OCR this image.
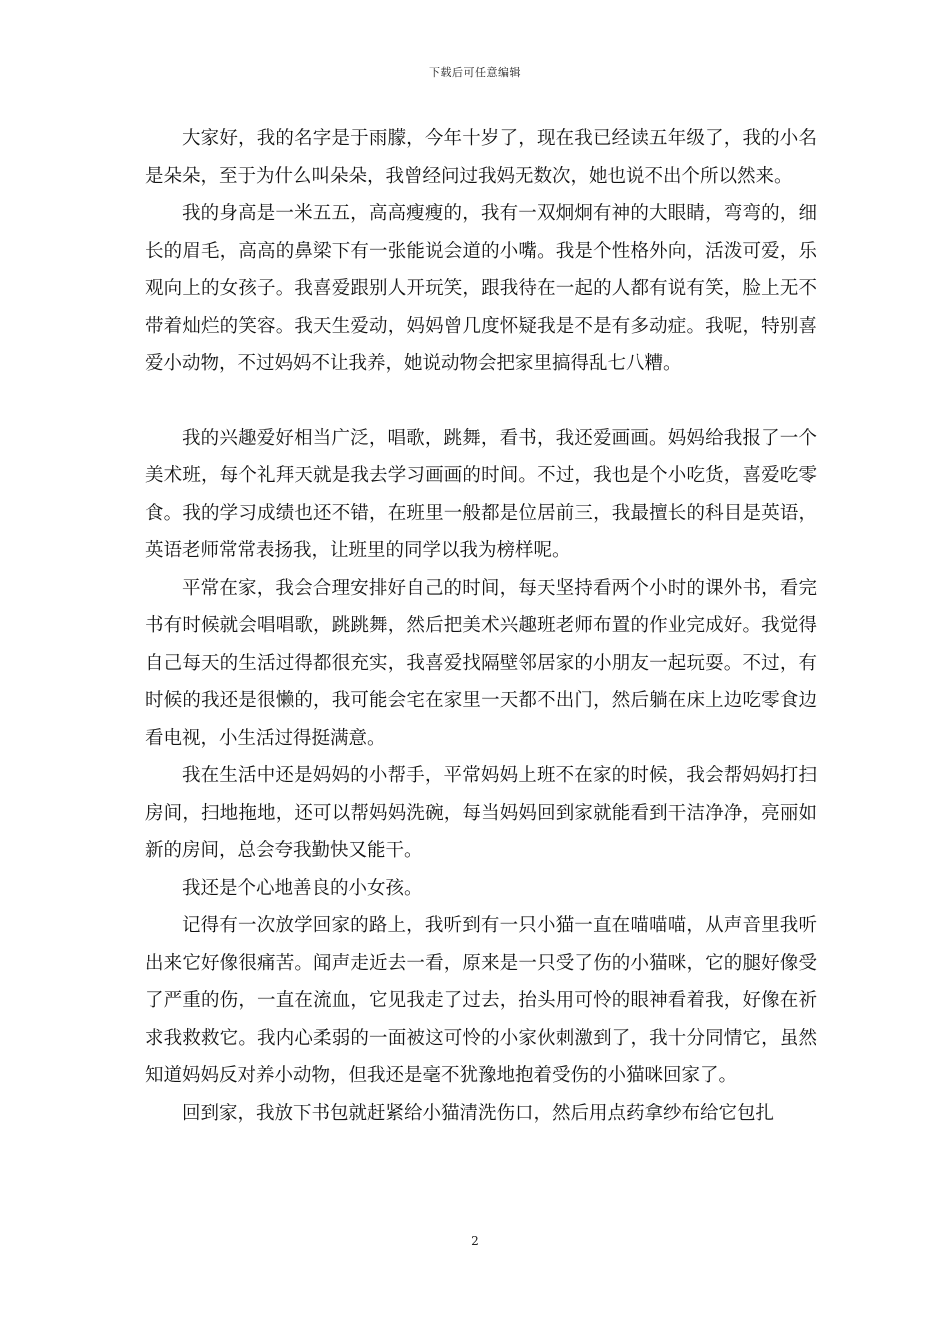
下载后可任意编辑

大家好，我的名字是于雨朦，今年十岁了，现在我已经读五年级了，我的小名是朵朵，至于为什么叫朵朵，我曾经问过我妈无数次，她也说不出个所以然来。

我的身高是一米五五，高高瘦瘦的，我有一双炯炯有神的大眼睛，弯弯的，细长的眉毛，高高的鼻梁下有一张能说会道的小嘴。我是个性格外向，活泼可爱，乐观向上的女孩子。我喜爱跟别人开玩笑，跟我待在一起的人都有说有笑，脸上无不带着灿烂的笑容。我天生爱动，妈妈曾几度怀疑我是不是有多动症。我呢，特别喜爱小动物，不过妈妈不让我养，她说动物会把家里搞得乱七八糟。

我的兴趣爱好相当广泛，唱歌，跳舞，看书，我还爱画画。妈妈给我报了一个美术班，每个礼拜天就是我去学习画画的时间。不过，我也是个小吃货，喜爱吃零食。我的学习成绩也还不错，在班里一般都是位居前三，我最擅长的科目是英语，英语老师常常表扬我，让班里的同学以我为榜样呢。

平常在家，我会合理安排好自己的时间，每天坚持看两个小时的课外书，看完书有时候就会唱唱歌，跳跳舞，然后把美术兴趣班老师布置的作业完成好。我觉得自己每天的生活过得都很充实，我喜爱找隔壁邻居家的小朋友一起玩耍。不过，有时候的我还是很懒的，我可能会宅在家里一天都不出门，然后躺在床上边吃零食边看电视，小生活过得挺满意。

我在生活中还是妈妈的小帮手，平常妈妈上班不在家的时候，我会帮妈妈打扫房间，扫地拖地，还可以帮妈妈洗碗，每当妈妈回到家就能看到干洁净净，亮丽如新的房间，总会夸我勤快又能干。

我还是个心地善良的小女孩。

记得有一次放学回家的路上，我听到有一只小猫一直在喵喵喵，从声音里我听出来它好像很痛苦。闻声走近去一看，原来是一只受了伤的小猫咪，它的腿好像受了严重的伤，一直在流血，它见我走了过去，抬头用可怜的眼神看着我，好像在祈求我救救它。我内心柔弱的一面被这可怜的小家伙刺激到了，我十分同情它，虽然知道妈妈反对养小动物，但我还是毫不犹豫地抱着受伤的小猫咪回家了。

回到家，我放下书包就赶紧给小猫清洗伤口，然后用点药拿纱布给它包扎

2
